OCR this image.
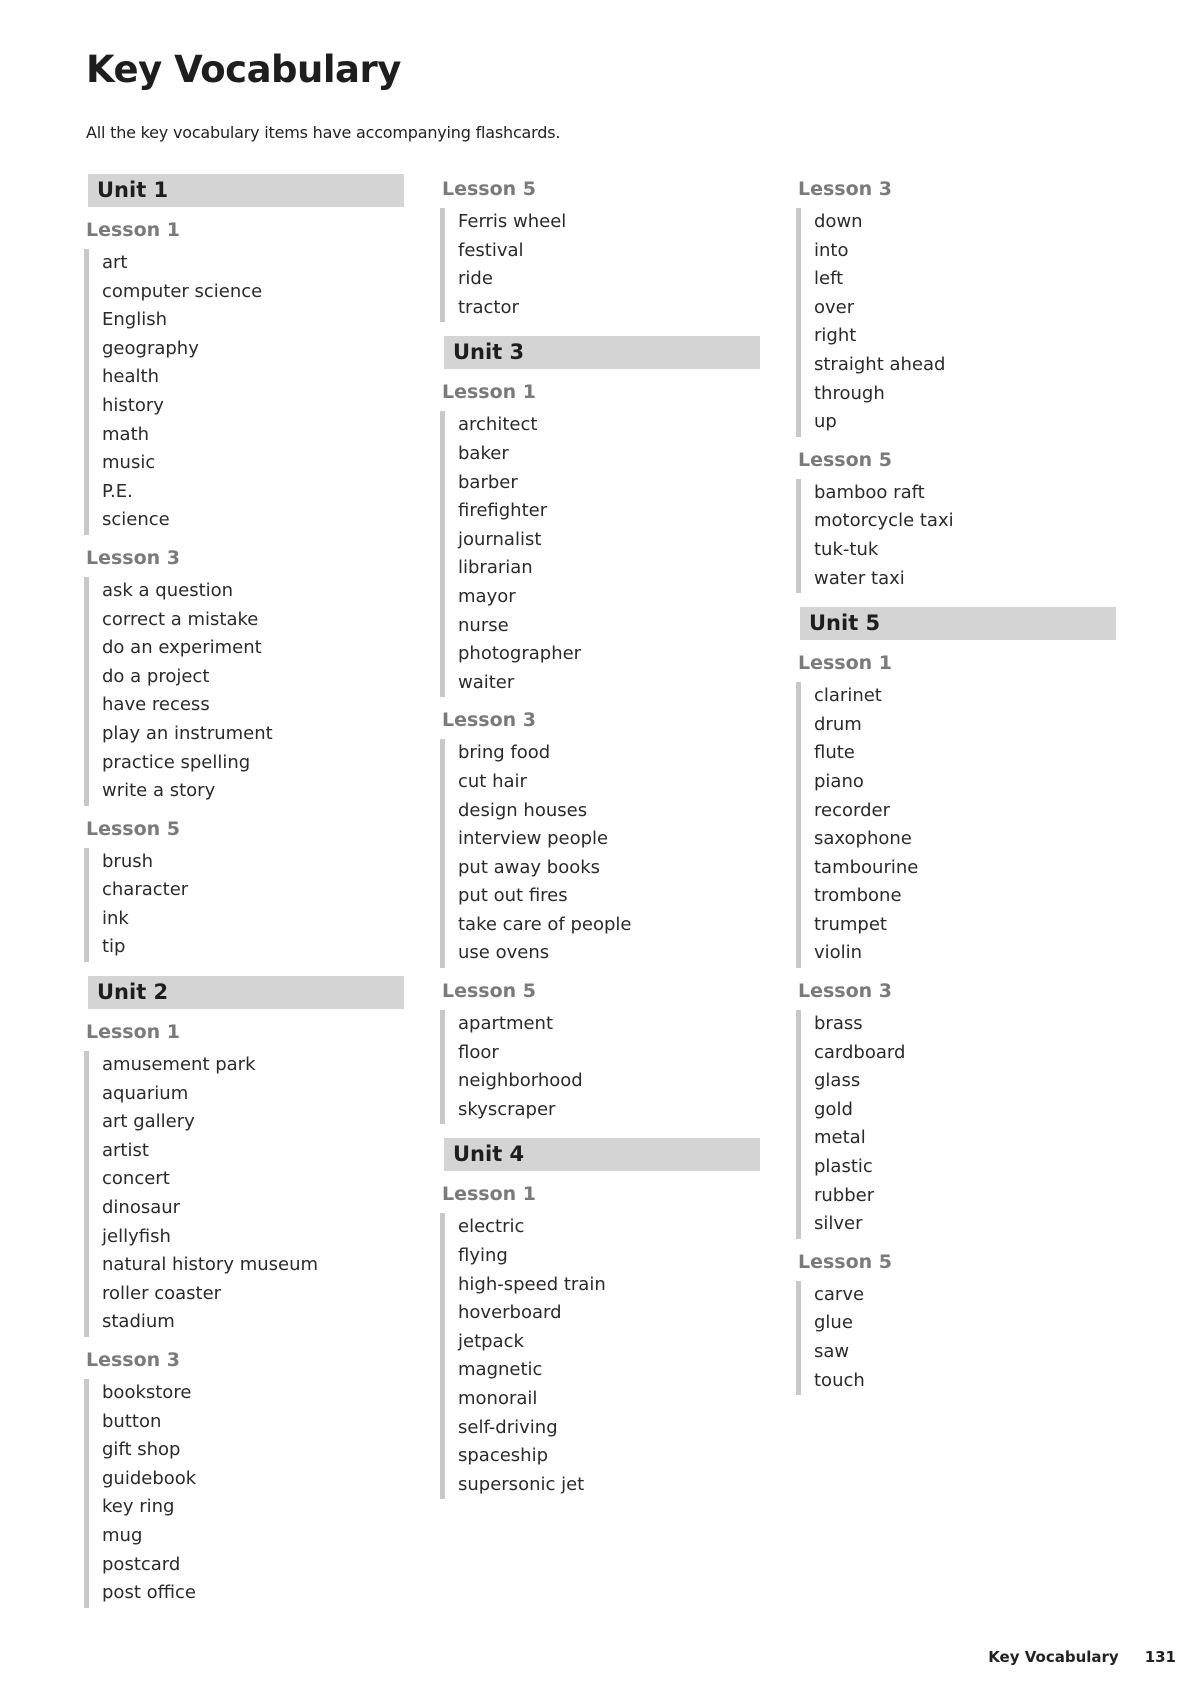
Key Vocabulary
All the key vocabulary items have accompanying flashcards.
Unit 1
Lesson 1
art
computer science
English
geography
health
history
math
music
P.E.
science
Lesson 3
ask a question
correct a mistake
do an experiment
do a project
have recess
play an instrument
practice spelling
write a story
Lesson 5
brush
character
ink
tip
Unit 2
Lesson 1
amusement park
aquarium
art gallery
artist
concert
dinosaur
jellyfish
natural history museum
roller coaster
stadium
Lesson 3
bookstore
button
gift shop
guidebook
key ring
mug
postcard
post office
Lesson 5
Ferris wheel
festival
ride
tractor
Unit 3
Lesson 1
architect
baker
barber
firefighter
journalist
librarian
mayor
nurse
photographer
waiter
Lesson 3
bring food
cut hair
design houses
interview people
put away books
put out fires
take care of people
use ovens
Lesson 5
apartment
floor
neighborhood
skyscraper
Unit 4
Lesson 1
electric
flying
high-speed train
hoverboard
jetpack
magnetic
monorail
self-driving
spaceship
supersonic jet
Lesson 3
down
into
left
over
right
straight ahead
through
up
Lesson 5
bamboo raft
motorcycle taxi
tuk-tuk
water taxi
Unit 5
Lesson 1
clarinet
drum
flute
piano
recorder
saxophone
tambourine
trombone
trumpet
violin
Lesson 3
brass
cardboard
glass
gold
metal
plastic
rubber
silver
Lesson 5
carve
glue
saw
touch
Key Vocabulary 131
